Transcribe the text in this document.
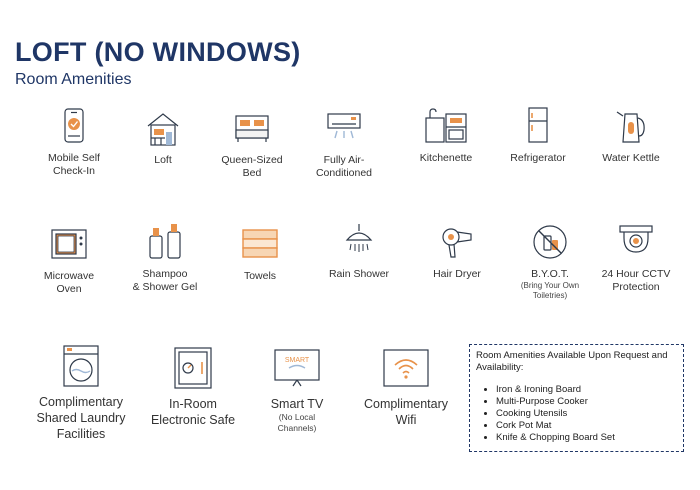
LOFT (NO WINDOWS)
Room Amenities
Mobile Self
Check-In
Loft	Queen-Sized
Bed
Fully Air-
Conditioned
Kitchenette	Refrigerator	Water Kettle
Microwave
Oven
Shampoo
& Shower Gel
Towels	Rain Shower	Hair Dryer	B.Y.O.T.
(Bring Your Own
Toiletries)
24 Hour CCTV
Protection
Complimentary
Shared Laundry
Facilities
In-Room
Electronic Safe
SMART
Smart TV
(No Local
Channels)
Complimentary
Wifi
Room Amenities Available Upon Request and Availability:
• Iron & Ironing Board
• Multi-Purpose Cooker
• Cooking Utensils
• Cork Pot Mat
• Knife & Chopping Board Set
